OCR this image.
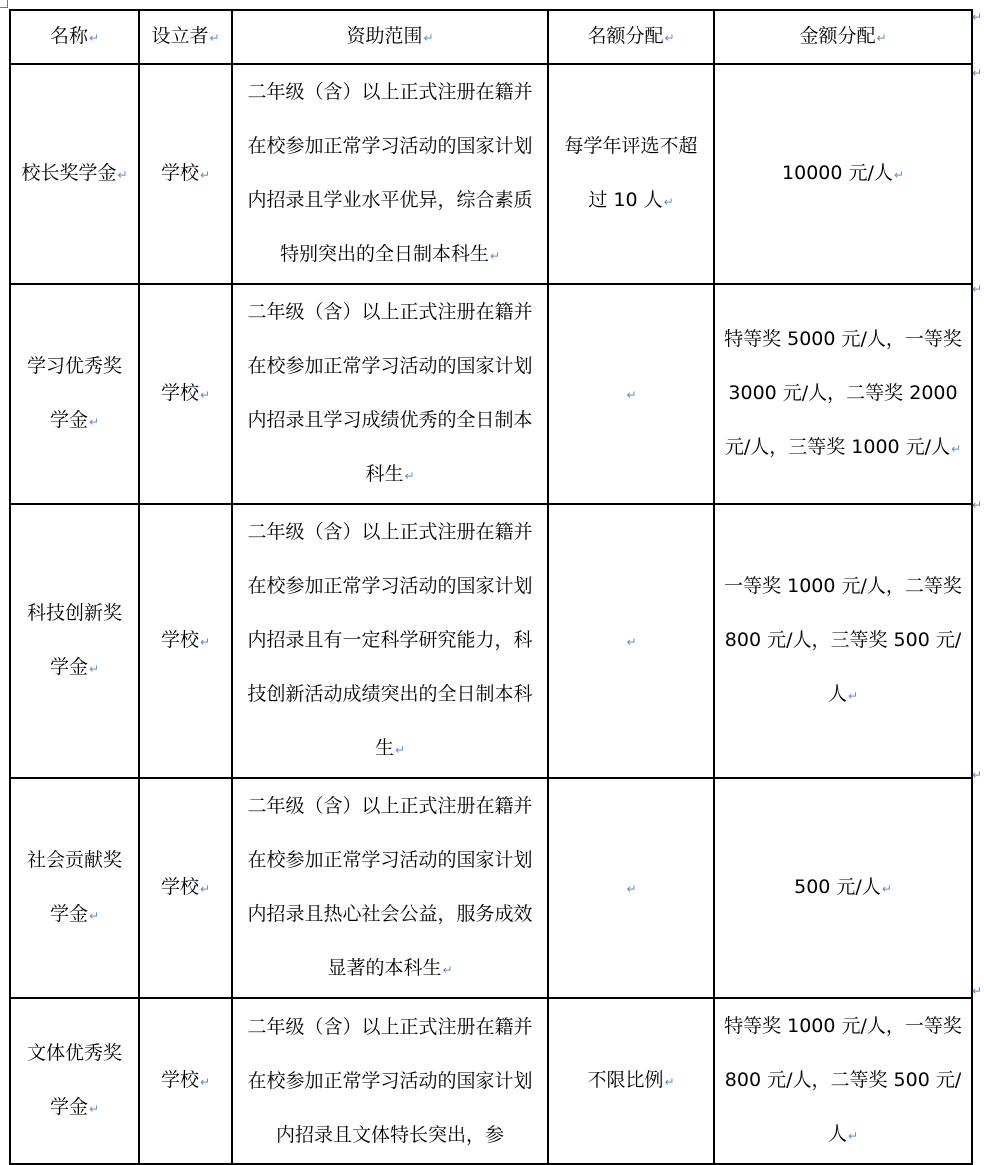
名称↵	设立者↵	资助范围↵	名额分配↵	金额分配↵
校长奖学金↵	学校↵	二年级（含）以上正式注册在籍并在校参加正常学习活动的国家计划内招录且学业水平优异，综合素质特别突出的全日制本科生↵	每学年评选不超过 10 人↵	10000 元/人↵
学习优秀奖学金↵	学校↵	二年级（含）以上正式注册在籍并在校参加正常学习活动的国家计划内招录且学习成绩优秀的全日制本科生↵	↵	特等奖 5000 元/人，一等奖 3000 元/人，二等奖 2000 元/人，三等奖 1000 元/人↵
科技创新奖学金↵	学校↵	二年级（含）以上正式注册在籍并在校参加正常学习活动的国家计划内招录且有一定科学研究能力，科技创新活动成绩突出的全日制本科生↵	↵	一等奖 1000 元/人，二等奖 800 元/人，三等奖 500 元/人↵
社会贡献奖学金↵	学校↵	二年级（含）以上正式注册在籍并在校参加正常学习活动的国家计划内招录且热心社会公益，服务成效显著的本科生↵	↵	500 元/人↵
文体优秀奖学金↵	学校↵	二年级（含）以上正式注册在籍并在校参加正常学习活动的国家计划内招录且文体特长突出，参	不限比例↵	特等奖 1000 元/人，一等奖 800 元/人，二等奖 500 元/人↵
↵
↵
↵
↵
↵
↵
